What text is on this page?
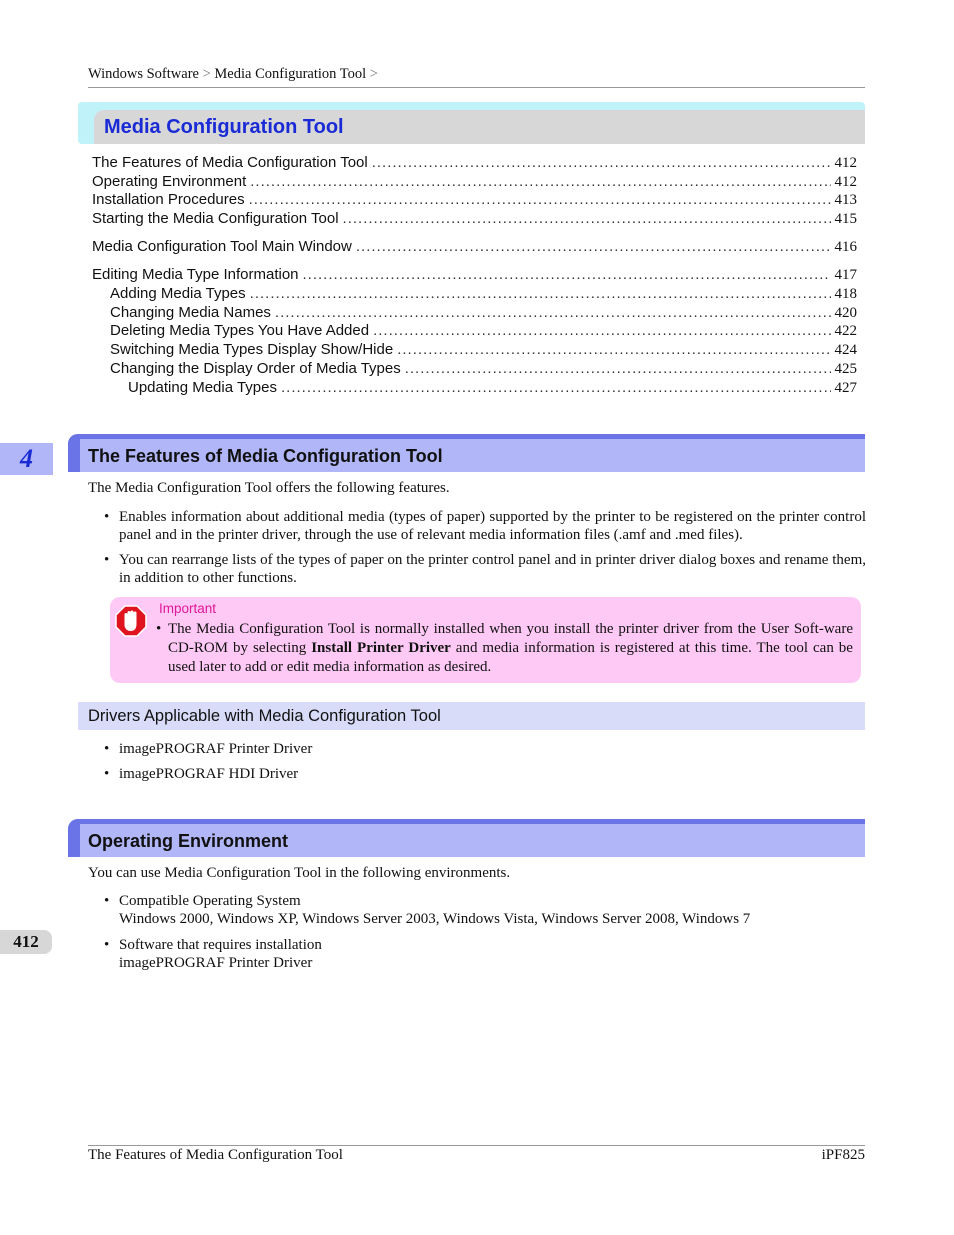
Windows Software > Media Configuration Tool >
Media Configuration Tool
The Features of Media Configuration Tool .....	412
Operating Environment .....	412
Installation Procedures .....	413
Starting the Media Configuration Tool .....	415
Media Configuration Tool Main Window .....	416
Editing Media Type Information .....	417
Adding Media Types .....	418
Changing Media Names .....	420
Deleting Media Types You Have Added .....	422
Switching Media Types Display Show/Hide .....	424
Changing the Display Order of Media Types .....	425
Updating Media Types .....	427
4
412
The Features of Media Configuration Tool
The Media Configuration Tool offers the following features.
• Enables information about additional media (types of paper) supported by the printer to be registered on the printer control panel and in the printer driver, through the use of relevant media information files (.amf and .med files).
• You can rearrange lists of the types of paper on the printer control panel and in printer driver dialog boxes and rename them, in addition to other functions.
Important
• The Media Configuration Tool is normally installed when you install the printer driver from the User Soft-ware CD-ROM by selecting Install Printer Driver and media information is registered at this time. The tool can be used later to add or edit media information as desired.
Drivers Applicable with Media Configuration Tool
• imagePROGRAF Printer Driver
• imagePROGRAF HDI Driver
Operating Environment
You can use Media Configuration Tool in the following environments.
• Compatible Operating System
Windows 2000, Windows XP, Windows Server 2003, Windows Vista, Windows Server 2008, Windows 7
• Software that requires installation
imagePROGRAF Printer Driver
The Features of Media Configuration Tool	iPF825
